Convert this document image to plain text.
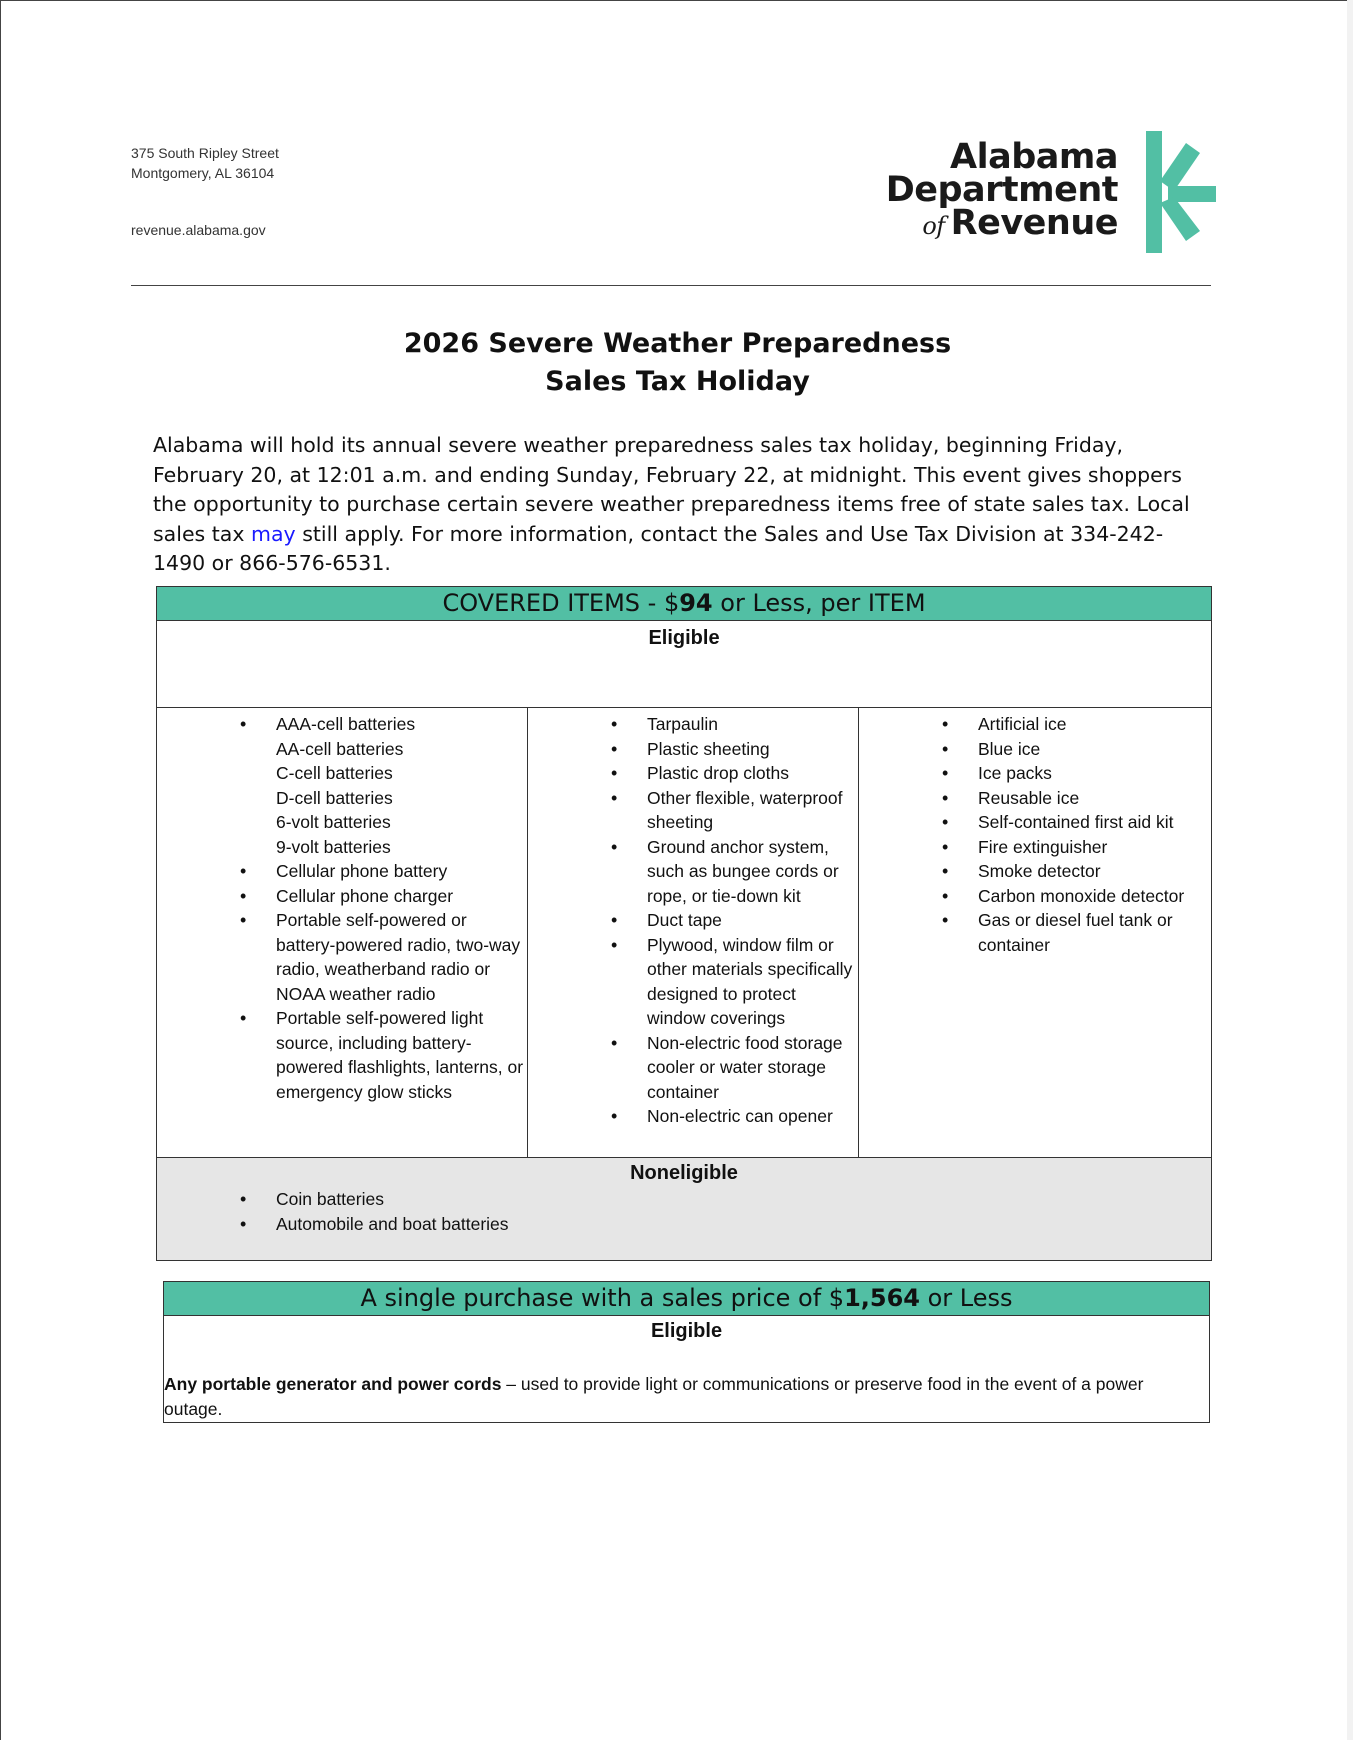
375 South Ripley Street
Montgomery, AL 36104
revenue.alabama.gov
Alabama
Department
of Revenue
2026 Severe Weather Preparedness
Sales Tax Holiday
Alabama will hold its annual severe weather preparedness sales tax holiday, beginning Friday, February 20, at 12:01 a.m. and ending Sunday, February 22, at midnight. This event gives shoppers the opportunity to purchase certain severe weather preparedness items free of state sales tax. Local sales tax may still apply. For more information, contact the Sales and Use Tax Division at 334-242-1490 or 866-576-6531.
COVERED ITEMS - $94 or Less, per ITEM
Eligible

• AAA-cell batteries
AA-cell batteries
C-cell batteries
D-cell batteries
6-volt batteries
9-volt batteries
• Cellular phone battery
• Cellular phone charger
• Portable self-powered or battery-powered radio, two-way radio, weatherband radio or NOAA weather radio
• Portable self-powered light source, including battery-powered flashlights, lanterns, or emergency glow sticks

• Tarpaulin
• Plastic sheeting
• Plastic drop cloths
• Other flexible, waterproof sheeting
• Ground anchor system, such as bungee cords or rope, or tie-down kit
• Duct tape
• Plywood, window film or other materials specifically designed to protect window coverings
• Non-electric food storage cooler or water storage container
• Non-electric can opener

• Artificial ice
• Blue ice
• Ice packs
• Reusable ice
• Self-contained first aid kit
• Fire extinguisher
• Smoke detector
• Carbon monoxide detector
• Gas or diesel fuel tank or container

Noneligible
• Coin batteries
• Automobile and boat batteries
A single purchase with a sales price of $1,564 or Less
Eligible
Any portable generator and power cords – used to provide light or communications or preserve food in the event of a power outage.
